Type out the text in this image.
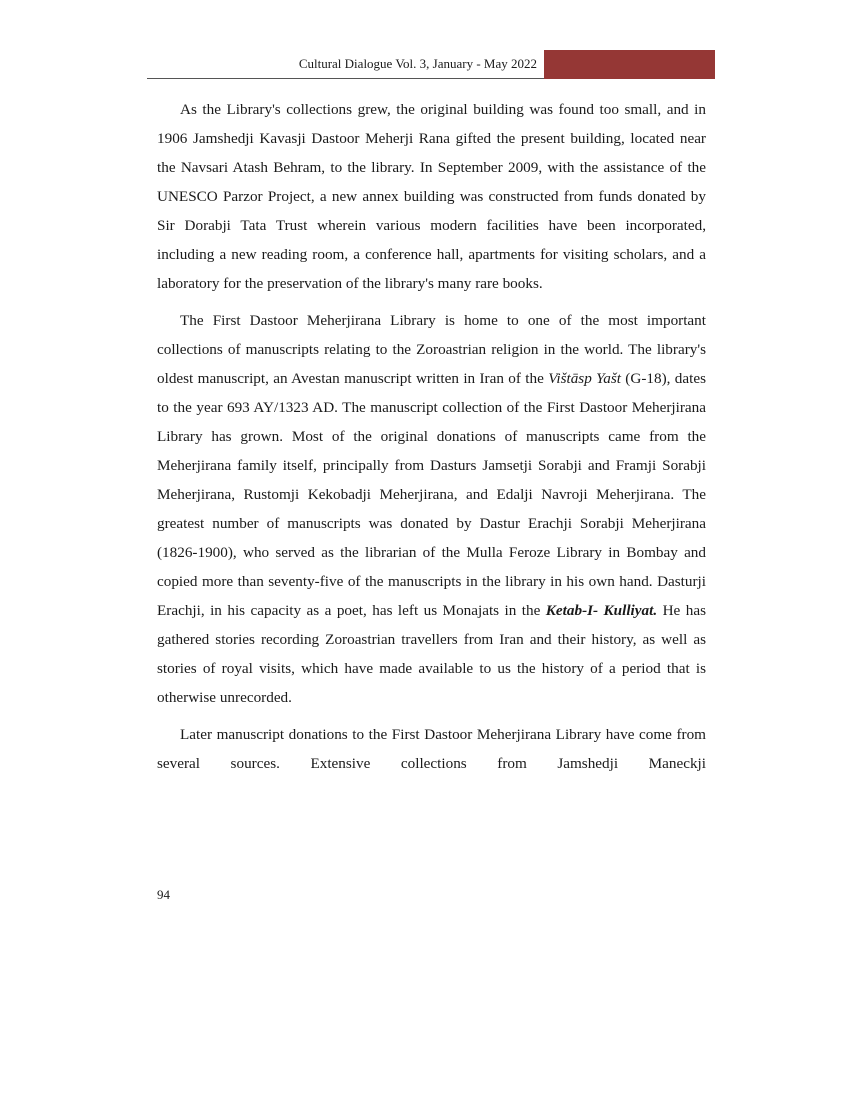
Cultural Dialogue Vol. 3, January - May 2022

As the Library's collections grew, the original building was found too small, and in 1906 Jamshedji Kavasji Dastoor Meherji Rana gifted the present building, located near the Navsari Atash Behram, to the library. In September 2009, with the assistance of the UNESCO Parzor Project, a new annex building was constructed from funds donated by Sir Dorabji Tata Trust wherein various modern facilities have been incorporated, including a new reading room, a conference hall, apartments for visiting scholars, and a laboratory for the preservation of the library's many rare books.

The First Dastoor Meherjirana Library is home to one of the most important collections of manuscripts relating to the Zoroastrian religion in the world. The library's oldest manuscript, an Avestan manuscript written in Iran of the Vištāsp Yašt (G-18), dates to the year 693 AY/1323 AD. The manuscript collection of the First Dastoor Meherjirana Library has grown. Most of the original donations of manuscripts came from the Meherjirana family itself, principally from Dasturs Jamsetji Sorabji and Framji Sorabji Meherjirana, Rustomji Kekobadji Meherjirana, and Edalji Navroji Meherjirana. The greatest number of manuscripts was donated by Dastur Erachji Sorabji Meherjirana (1826-1900), who served as the librarian of the Mulla Feroze Library in Bombay and copied more than seventy-five of the manuscripts in the library in his own hand. Dasturji Erachji, in his capacity as a poet, has left us Monajats in the Ketab-I- Kulliyat. He has gathered stories recording Zoroastrian travellers from Iran and their history, as well as stories of royal visits, which have made available to us the history of a period that is otherwise unrecorded.

Later manuscript donations to the First Dastoor Meherjirana Library have come from several sources. Extensive collections from Jamshedji Maneckji

94
